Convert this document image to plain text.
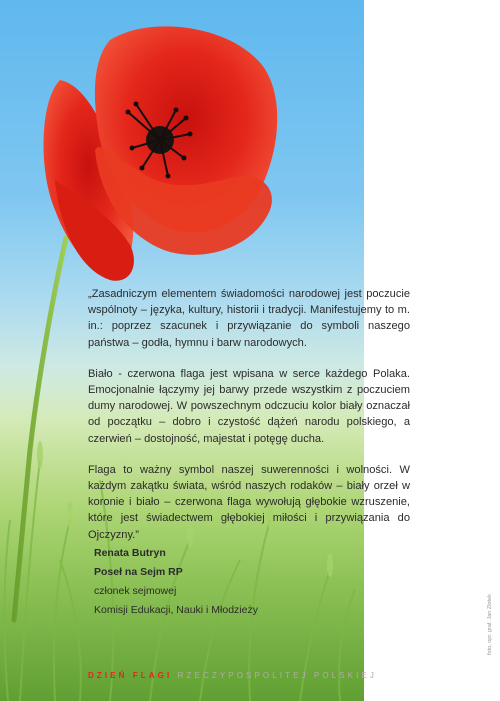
„Zasadniczym elementem świadomości narodowej jest poczucie wspólnoty – języka, kultury, historii i tradycji. Manifestujemy to m. in.: poprzez szacunek i przywiązanie do symboli naszego państwa – godła, hymnu i barw narodowych.

Biało - czerwona flaga jest wpisana w serce każdego Polaka. Emocjonalnie łączymy jej barwy przede wszystkim z poczuciem dumy narodowej. W powszechnym odczuciu kolor biały oznaczał od początku – dobro i czystość dążeń narodu polskiego, a czerwień – dostojność, majestat i potęgę ducha.

Flaga to ważny symbol naszej suwerenności i wolności. W każdym zakątku świata, wśród naszych rodaków – biały orzeł w koronie i biało – czerwona flaga wywołują głębokie wzruszenie, które jest świadectwem głębokiej miłości i przywiązania do Ojczyzny.”

Renata Butryn
Poseł na Sejm RP
członek sejmowej
Komisji Edukacji, Nauki i Młodzieży	foto, opr. graf. Jan Złotek
DZIEŃ FLAGI RZECZYPOSPOLITEJ POLSKIEJ
